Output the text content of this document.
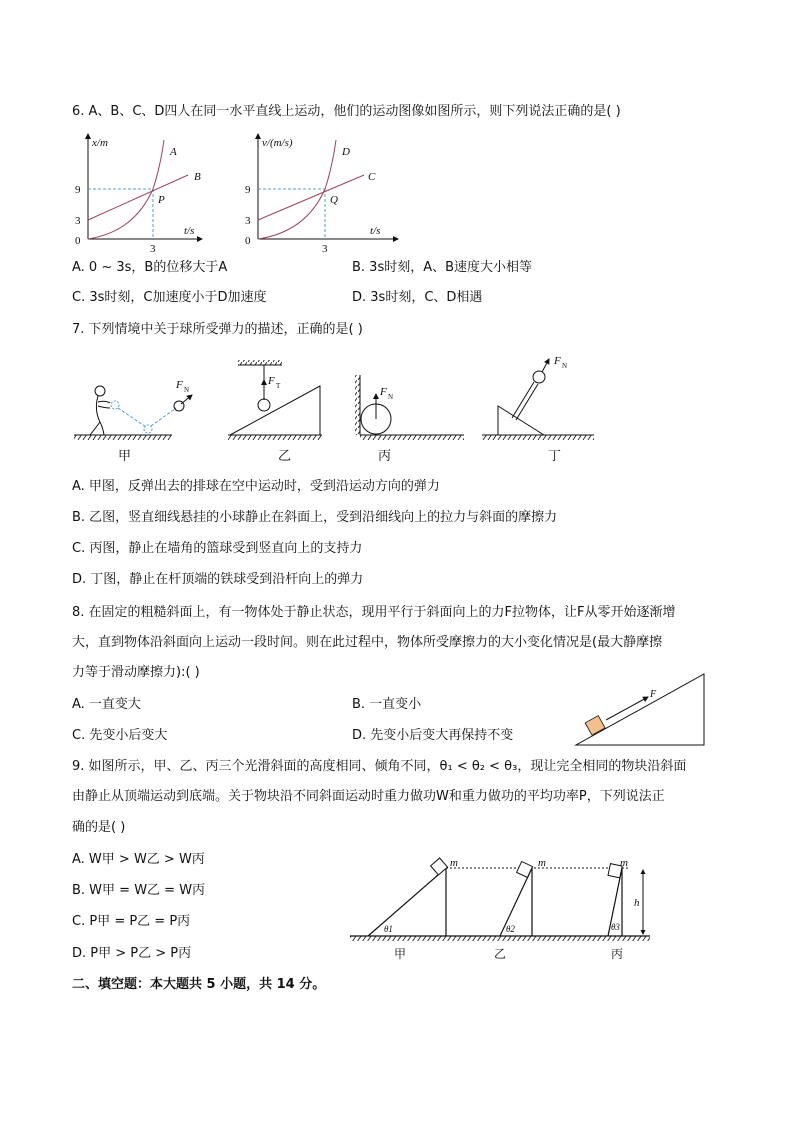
6. A、B、C、D四人在同一水平直线上运动，他们的运动图像如图所示，则下列说法正确的是( )
x/m
t/s
9
3
0
3
A
B
P
v/(m/s)
t/s
9
3
0
3
D
C
Q
A. 0 ~ 3s，B的位移大于A	B. 3s时刻，A、B速度大小相等
C. 3s时刻，C加速度小于D加速度	D. 3s时刻，C、D相遇
7. 下列情境中关于球所受弹力的描述，正确的是( )
F N
甲
F T
乙
F N
丙
F N
丁
A. 甲图，反弹出去的排球在空中运动时，受到沿运动方向的弹力
B. 乙图，竖直细线悬挂的小球静止在斜面上，受到沿细线向上的拉力与斜面的摩擦力
C. 丙图，静止在墙角的篮球受到竖直向上的支持力
D. 丁图，静止在杆顶端的铁球受到沿杆向上的弹力
8. 在固定的粗糙斜面上，有一物体处于静止状态，现用平行于斜面向上的力F拉物体，让F从零开始逐渐增
大，直到物体沿斜面向上运动一段时间。则在此过程中，物体所受摩擦力的大小变化情况是(最大静摩擦
力等于滑动摩擦力):( )
A. 一直变大	B. 一直变小
C. 先变小后变大	D. 先变小后变大再保持不变
F
9. 如图所示，甲、乙、丙三个光滑斜面的高度相同、倾角不同，θ₁ < θ₂ < θ₃，现让完全相同的物块沿斜面
由静止从顶端运动到底端。关于物块沿不同斜面运动时重力做功W和重力做功的平均功率P，下列说法正
确的是( )
A. W甲 > W乙 > W丙
B. W甲 = W乙 = W丙
C. P甲 = P乙 = P丙
D. P甲 > P乙 > P丙
m	m	m
h
θ1	θ2	θ3
甲	乙	丙
二、填空题：本大题共 5 小题，共 14 分。
